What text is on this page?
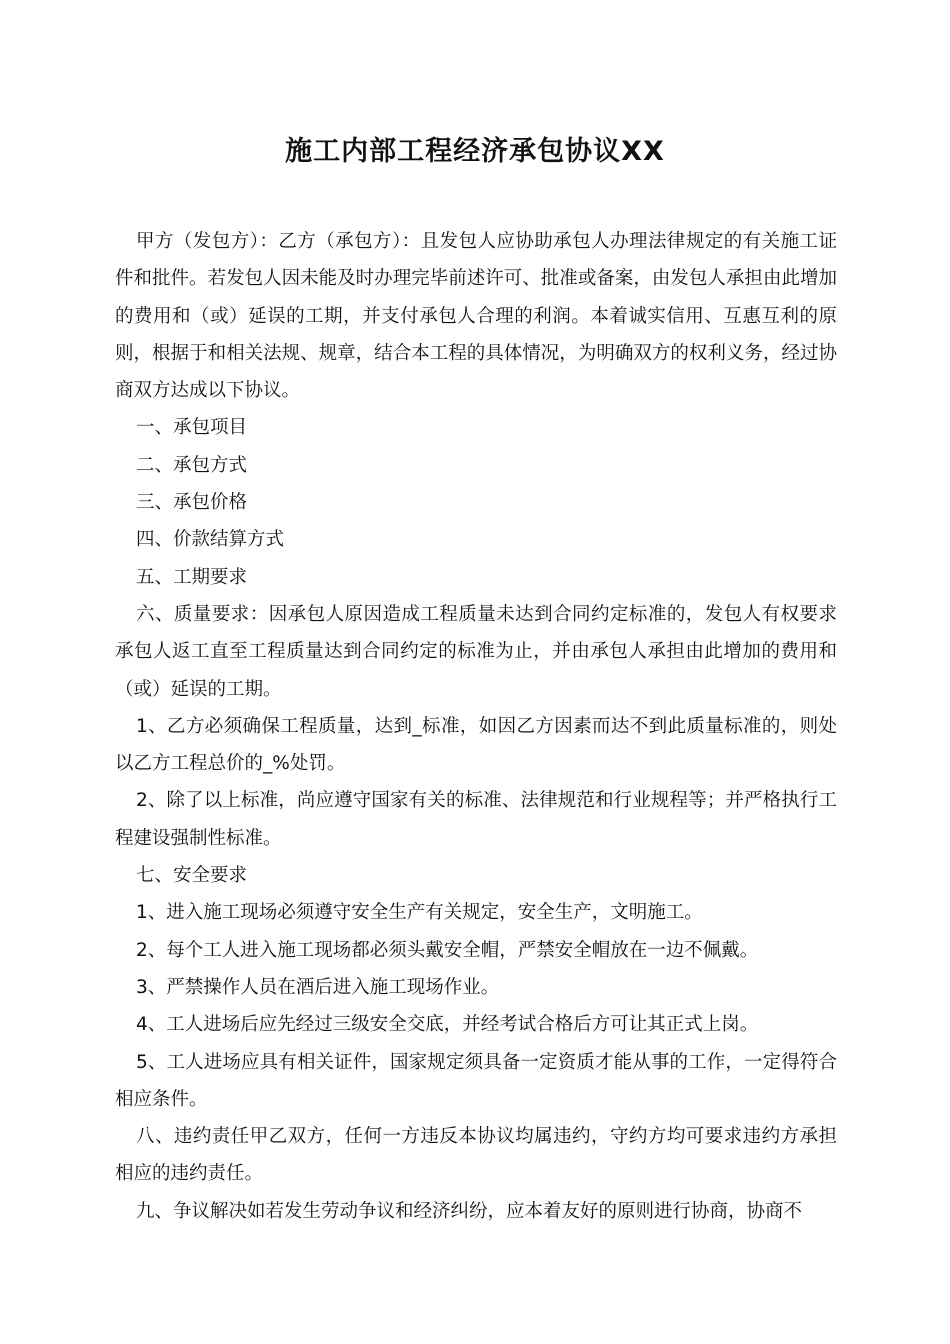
施工内部工程经济承包协议XX

甲方（发包方）：乙方（承包方）：且发包人应协助承包人办理法律规定的有关施工证件和批件。若发包人因未能及时办理完毕前述许可、批准或备案，由发包人承担由此增加的费用和（或）延误的工期，并支付承包人合理的利润。本着诚实信用、互惠互利的原则，根据于和相关法规、规章，结合本工程的具体情况，为明确双方的权利义务，经过协商双方达成以下协议。

一、承包项目

二、承包方式

三、承包价格

四、价款结算方式

五、工期要求

六、质量要求：因承包人原因造成工程质量未达到合同约定标准的，发包人有权要求承包人返工直至工程质量达到合同约定的标准为止，并由承包人承担由此增加的费用和（或）延误的工期。

1、乙方必须确保工程质量，达到_标准，如因乙方因素而达不到此质量标准的，则处以乙方工程总价的_%处罚。

2、除了以上标准，尚应遵守国家有关的标准、法律规范和行业规程等；并严格执行工程建设强制性标准。

七、安全要求

1、进入施工现场必须遵守安全生产有关规定，安全生产，文明施工。

2、每个工人进入施工现场都必须头戴安全帽，严禁安全帽放在一边不佩戴。

3、严禁操作人员在酒后进入施工现场作业。

4、工人进场后应先经过三级安全交底，并经考试合格后方可让其正式上岗。

5、工人进场应具有相关证件，国家规定须具备一定资质才能从事的工作，一定得符合相应条件。

八、违约责任甲乙双方，任何一方违反本协议均属违约，守约方均可要求违约方承担相应的违约责任。

九、争议解决如若发生劳动争议和经济纠纷，应本着友好的原则进行协商，协商不
